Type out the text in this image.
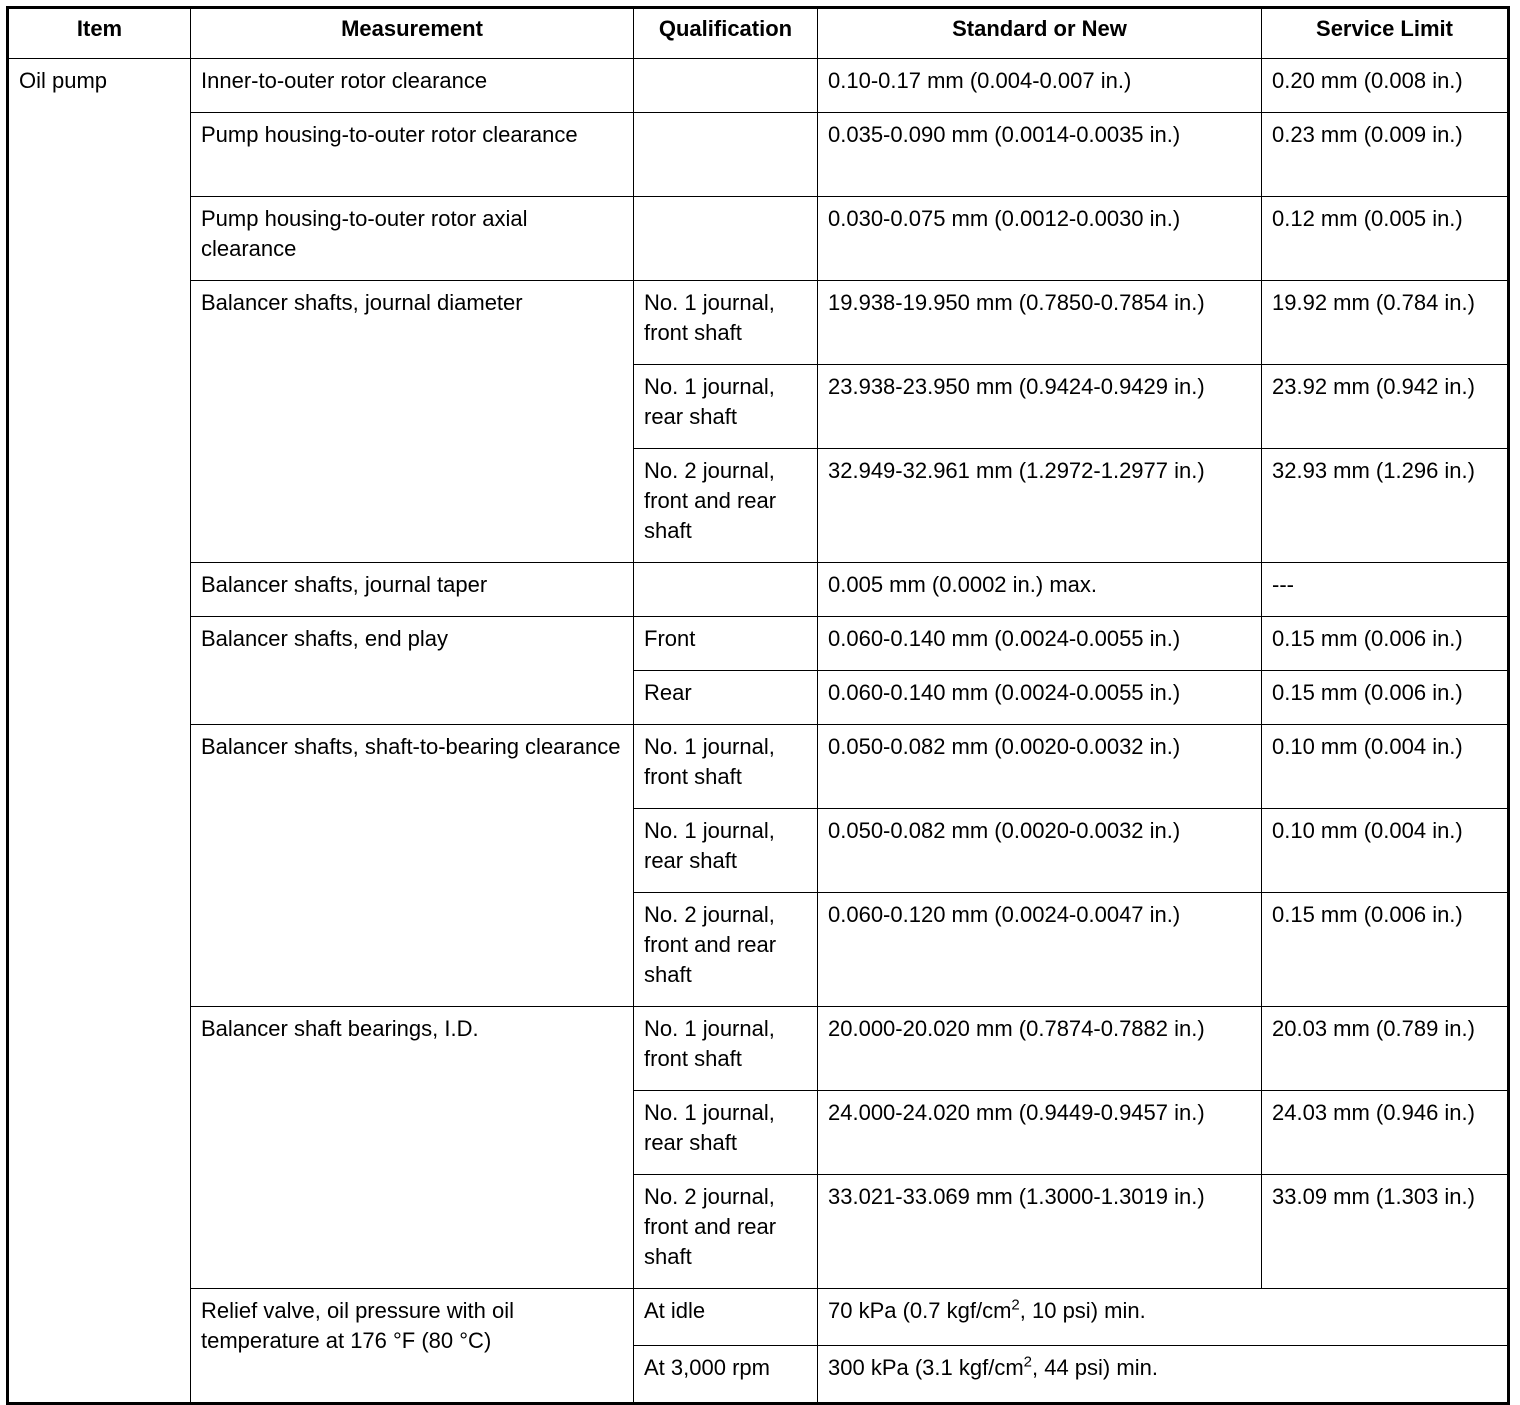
Item	Measurement	Qualification	Standard or New	Service Limit
Oil pump	Inner-to-outer rotor clearance		0.10-0.17 mm (0.004-0.007 in.)	0.20 mm (0.008 in.)
	Pump housing-to-outer rotor clearance		0.035-0.090 mm (0.0014-0.0035 in.)	0.23 mm (0.009 in.)
	Pump housing-to-outer rotor axial clearance		0.030-0.075 mm (0.0012-0.0030 in.)	0.12 mm (0.005 in.)
	Balancer shafts, journal diameter	No. 1 journal, front shaft	19.938-19.950 mm (0.7850-0.7854 in.)	19.92 mm (0.784 in.)
		No. 1 journal, rear shaft	23.938-23.950 mm (0.9424-0.9429 in.)	23.92 mm (0.942 in.)
		No. 2 journal, front and rear shaft	32.949-32.961 mm (1.2972-1.2977 in.)	32.93 mm (1.296 in.)
	Balancer shafts, journal taper		0.005 mm (0.0002 in.) max.	---
	Balancer shafts, end play	Front	0.060-0.140 mm (0.0024-0.0055 in.)	0.15 mm (0.006 in.)
		Rear	0.060-0.140 mm (0.0024-0.0055 in.)	0.15 mm (0.006 in.)
	Balancer shafts, shaft-to-bearing clearance	No. 1 journal, front shaft	0.050-0.082 mm (0.0020-0.0032 in.)	0.10 mm (0.004 in.)
		No. 1 journal, rear shaft	0.050-0.082 mm (0.0020-0.0032 in.)	0.10 mm (0.004 in.)
		No. 2 journal, front and rear shaft	0.060-0.120 mm (0.0024-0.0047 in.)	0.15 mm (0.006 in.)
	Balancer shaft bearings, I.D.	No. 1 journal, front shaft	20.000-20.020 mm (0.7874-0.7882 in.)	20.03 mm (0.789 in.)
		No. 1 journal, rear shaft	24.000-24.020 mm (0.9449-0.9457 in.)	24.03 mm (0.946 in.)
		No. 2 journal, front and rear shaft	33.021-33.069 mm (1.3000-1.3019 in.)	33.09 mm (1.303 in.)
	Relief valve, oil pressure with oil temperature at 176 °F (80 °C)	At idle	70 kPa (0.7 kgf/$cm^2$, 10 psi) min.	
		At 3,000 rpm	300 kPa (3.1 kgf/$cm^2$, 44 psi) min.	
